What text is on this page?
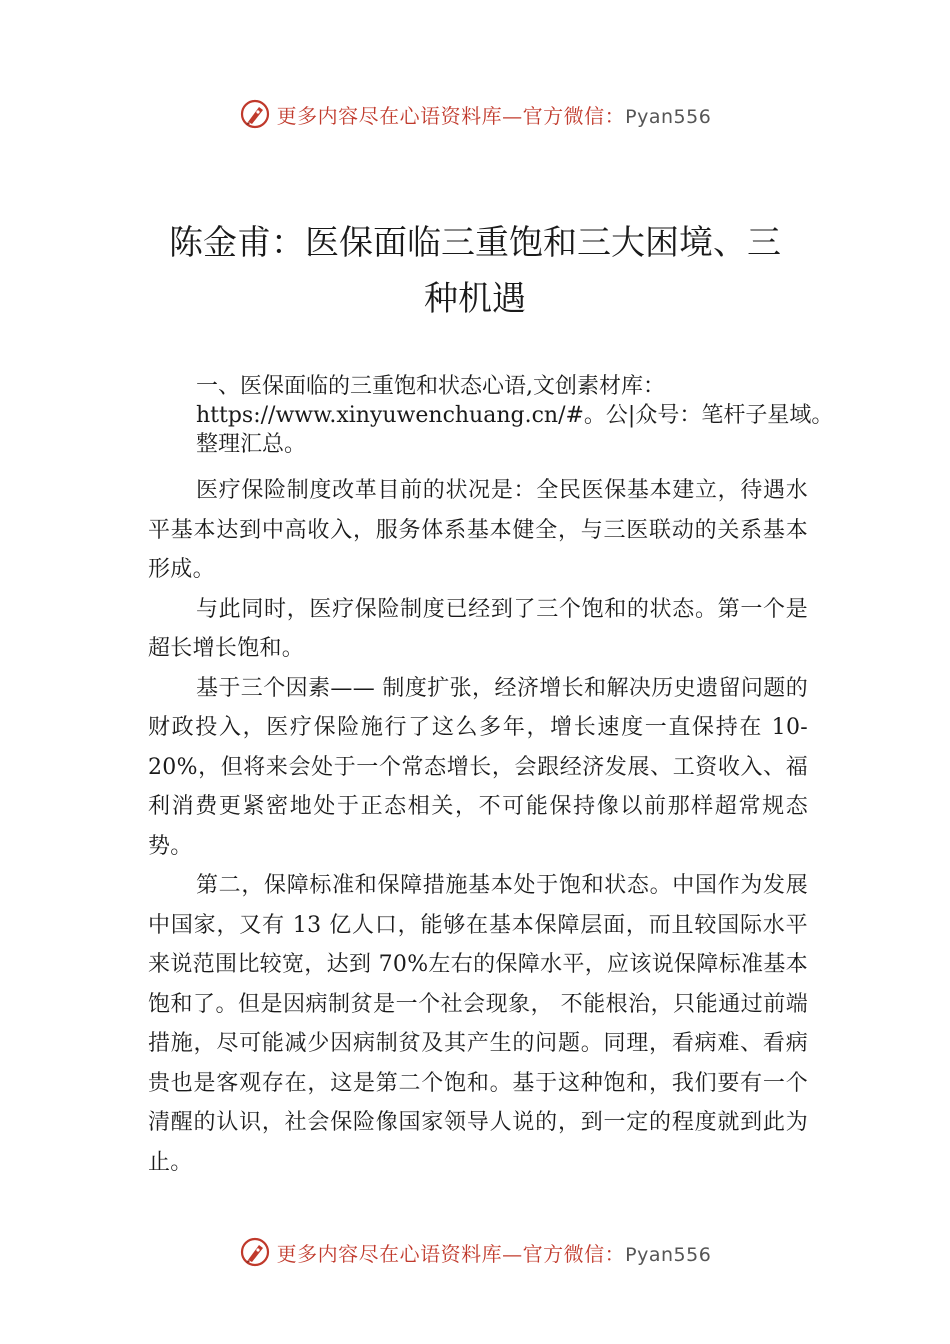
更多内容尽在心语资料库—官方微信：Pyan556
陈金甫：医保面临三重饱和三大困境、三
种机遇

一、医保面临的三重饱和状态心语,文创素材库：https://www.xinyuwenchuang.cn/#。公|众号：笔杆子星域。整理汇总。

医疗保险制度改革目前的状况是：全民医保基本建立，待遇水平基本达到中高收入，服务体系基本健全，与三医联动的关系基本形成。

与此同时，医疗保险制度已经到了三个饱和的状态。第一个是超长增长饱和。

基于三个因素—— 制度扩张，经济增长和解决历史遗留问题的财政投入，医疗保险施行了这么多年，增长速度一直保持在 10-20%，但将来会处于一个常态增长，会跟经济发展、工资收入、福利消费更紧密地处于正态相关，不可能保持像以前那样超常规态势。

第二，保障标准和保障措施基本处于饱和状态。中国作为发展中国家，又有 13 亿人口，能够在基本保障层面，而且较国际水平来说范围比较宽，达到 70%左右的保障水平，应该说保障标准基本饱和了。但是因病制贫是一个社会现象， 不能根治，只能通过前端措施，尽可能减少因病制贫及其产生的问题。同理，看病难、看病贵也是客观存在，这是第二个饱和。基于这种饱和，我们要有一个清醒的认识，社会保险像国家领导人说的，到一定的程度就到此为止。

更多内容尽在心语资料库—官方微信：Pyan556
